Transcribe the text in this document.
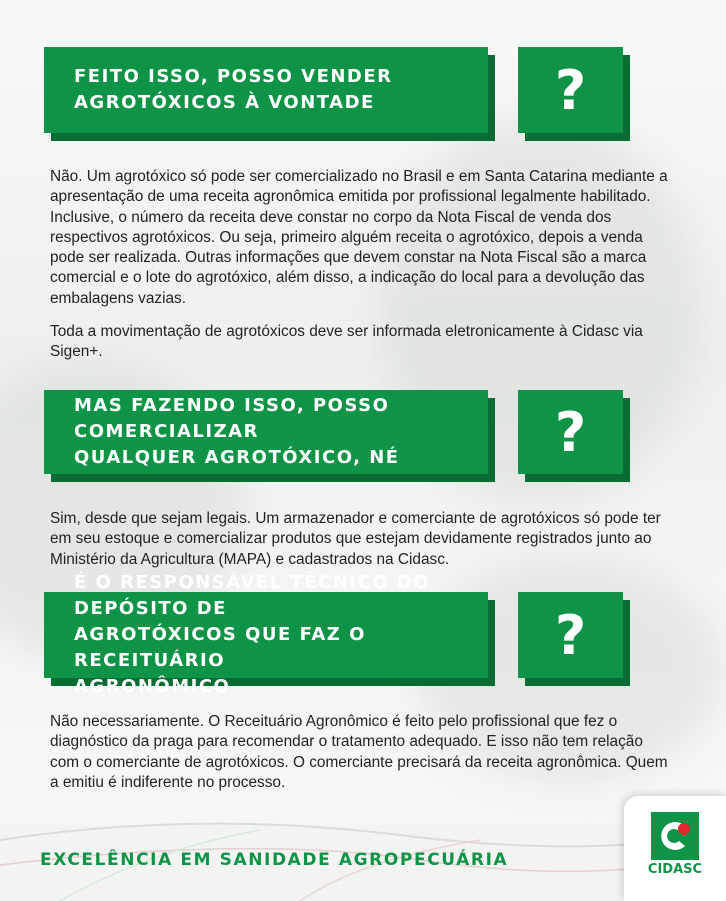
FEITO ISSO, POSSO VENDER
AGROTÓXICOS À VONTADE	?

Não. Um agrotóxico só pode ser comercializado no Brasil e em Santa Catarina mediante a apresentação de uma receita agronômica emitida por profissional legalmente habilitado. Inclusive, o número da receita deve constar no corpo da Nota Fiscal de venda dos respectivos agrotóxicos. Ou seja, primeiro alguém receita o agrotóxico, depois a venda pode ser realizada. Outras informações que devem constar na Nota Fiscal são a marca comercial e o lote do agrotóxico, além disso, a indicação do local para a devolução das embalagens vazias.

Toda a movimentação de agrotóxicos deve ser informada eletronicamente à Cidasc via Sigen+.

MAS FAZENDO ISSO, POSSO COMERCIALIZAR
QUALQUER AGROTÓXICO, NÉ	?

Sim, desde que sejam legais. Um armazenador e comerciante de agrotóxicos só pode ter em seu estoque e comercializar produtos que estejam devidamente registrados junto ao Ministério da Agricultura (MAPA) e cadastrados na Cidasc.

É O RESPONSÁVEL TÉCNICO DO DEPÓSITO DE
AGROTÓXICOS QUE FAZ O RECEITUÁRIO
AGRONÔMICO
?

Não necessariamente. O Receituário Agronômico é feito pelo profissional que fez o diagnóstico da praga para recomendar o tratamento adequado. E isso não tem relação com o comerciante de agrotóxicos. O comerciante precisará da receita agronômica. Quem a emitiu é indiferente no processo.

EXCELÊNCIA EM SANIDADE AGROPECUÁRIA	CIDASC
